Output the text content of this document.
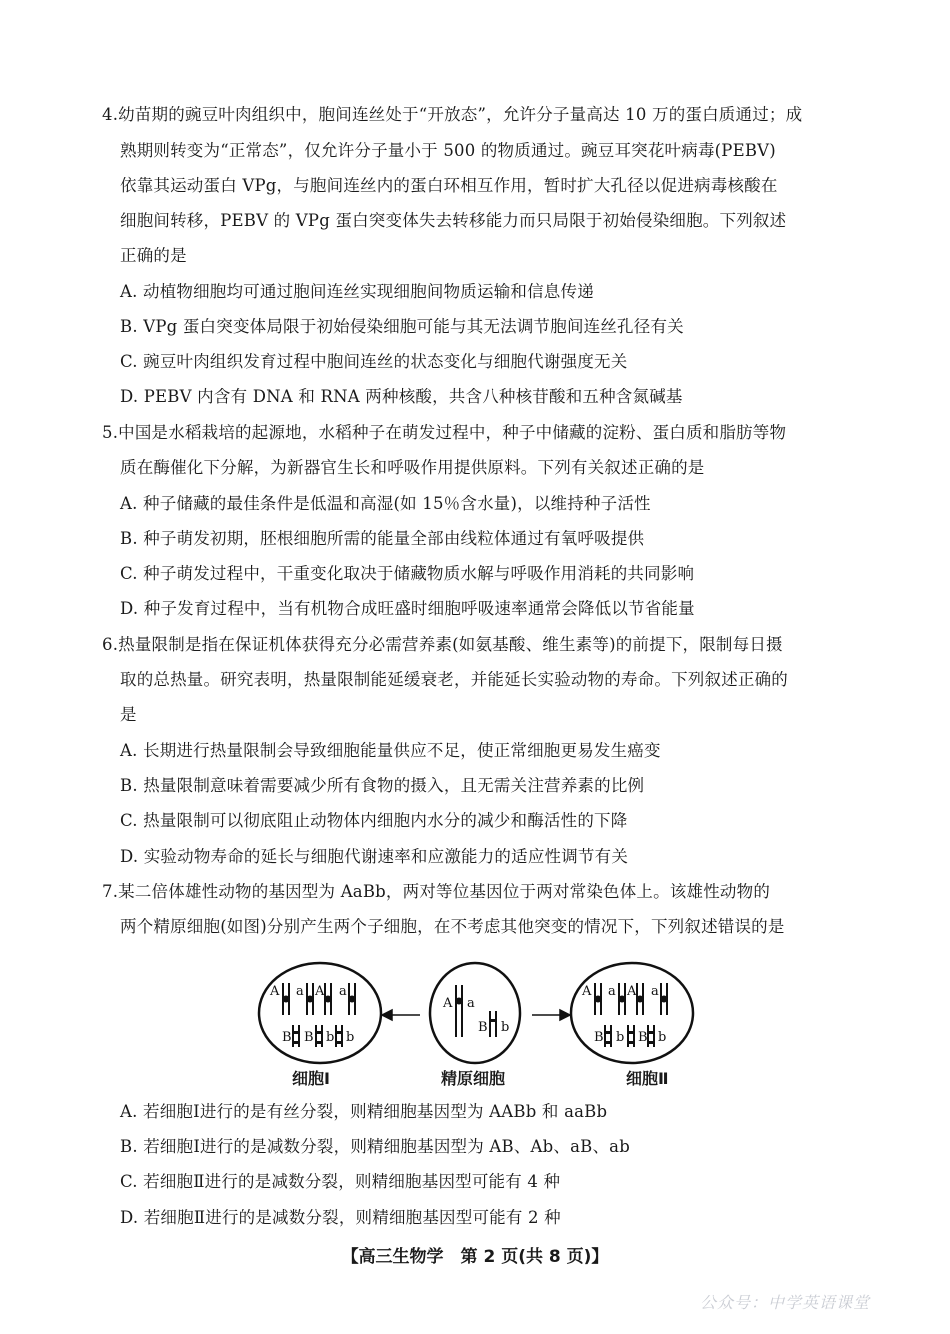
4.幼苗期的豌豆叶肉组织中，胞间连丝处于“开放态”，允许分子量高达 10 万的蛋白质通过；成
熟期则转变为“正常态”，仅允许分子量小于 500 的物质通过。豌豆耳突花叶病毒(PEBV)
依靠其运动蛋白 VPg，与胞间连丝内的蛋白环相互作用，暂时扩大孔径以促进病毒核酸在
细胞间转移，PEBV 的 VPg 蛋白突变体失去转移能力而只局限于初始侵染细胞。下列叙述
正确的是
A. 动植物细胞均可通过胞间连丝实现细胞间物质运输和信息传递
B. VPg 蛋白突变体局限于初始侵染细胞可能与其无法调节胞间连丝孔径有关
C. 豌豆叶肉组织发育过程中胞间连丝的状态变化与细胞代谢强度无关
D. PEBV 内含有 DNA 和 RNA 两种核酸，共含八种核苷酸和五种含氮碱基
5.中国是水稻栽培的起源地，水稻种子在萌发过程中，种子中储藏的淀粉、蛋白质和脂肪等物
质在酶催化下分解，为新器官生长和呼吸作用提供原料。下列有关叙述正确的是
A. 种子储藏的最佳条件是低温和高湿(如 15％含水量)，以维持种子活性
B. 种子萌发初期，胚根细胞所需的能量全部由线粒体通过有氧呼吸提供
C. 种子萌发过程中，干重变化取决于储藏物质水解与呼吸作用消耗的共同影响
D. 种子发育过程中，当有机物合成旺盛时细胞呼吸速率通常会降低以节省能量
6.热量限制是指在保证机体获得充分必需营养素(如氨基酸、维生素等)的前提下，限制每日摄
取的总热量。研究表明，热量限制能延缓衰老，并能延长实验动物的寿命。下列叙述正确的
是
A. 长期进行热量限制会导致细胞能量供应不足，使正常细胞更易发生癌变
B. 热量限制意味着需要减少所有食物的摄入，且无需关注营养素的比例
C. 热量限制可以彻底阻止动物体内细胞内水分的减少和酶活性的下降
D. 实验动物寿命的延长与细胞代谢速率和应激能力的适应性调节有关
7.某二倍体雄性动物的基因型为 AaBb，两对等位基因位于两对常染色体上。该雄性动物的
两个精原细胞(如图)分别产生两个子细胞，在不考虑其他突变的情况下，下列叙述错误的是
A a A a
B B b b
A a
B b
A a A a
B b B b
细胞Ⅰ	精原细胞	细胞Ⅱ
A. 若细胞Ⅰ进行的是有丝分裂，则精细胞基因型为 AABb 和 aaBb
B. 若细胞Ⅰ进行的是减数分裂，则精细胞基因型为 AB、Ab、aB、ab
C. 若细胞Ⅱ进行的是减数分裂，则精细胞基因型可能有 4 种
D. 若细胞Ⅱ进行的是减数分裂，则精细胞基因型可能有 2 种
【高三生物学　第 2 页(共 8 页)】
公众号：中学英语课堂
